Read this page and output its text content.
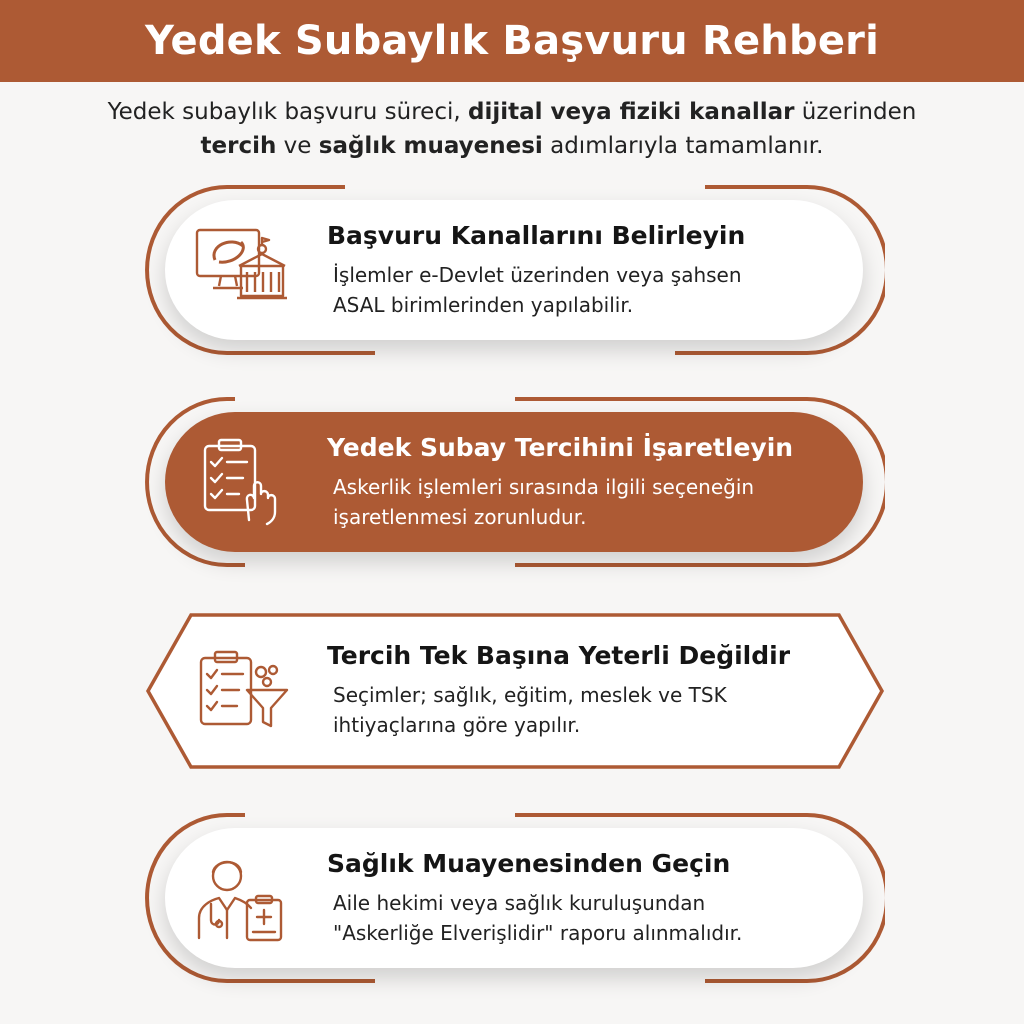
Yedek Subaylık Başvuru Rehberi
Yedek subaylık başvuru süreci, dijital veya fiziki kanallar üzerinden
tercih ve sağlık muayenesi adımlarıyla tamamlanır.
Başvuru Kanallarını Belirleyin
İşlemler e-Devlet üzerinden veya şahsen
ASAL birimlerinden yapılabilir.
Yedek Subay Tercihini İşaretleyin
Askerlik işlemleri sırasında ilgili seçeneğin
işaretlenmesi zorunludur.
Tercih Tek Başına Yeterli Değildir
Seçimler; sağlık, eğitim, meslek ve TSK
ihtiyaçlarına göre yapılır.
Sağlık Muayenesinden Geçin
Aile hekimi veya sağlık kuruluşundan
"Askerliğe Elverişlidir" raporu alınmalıdır.
